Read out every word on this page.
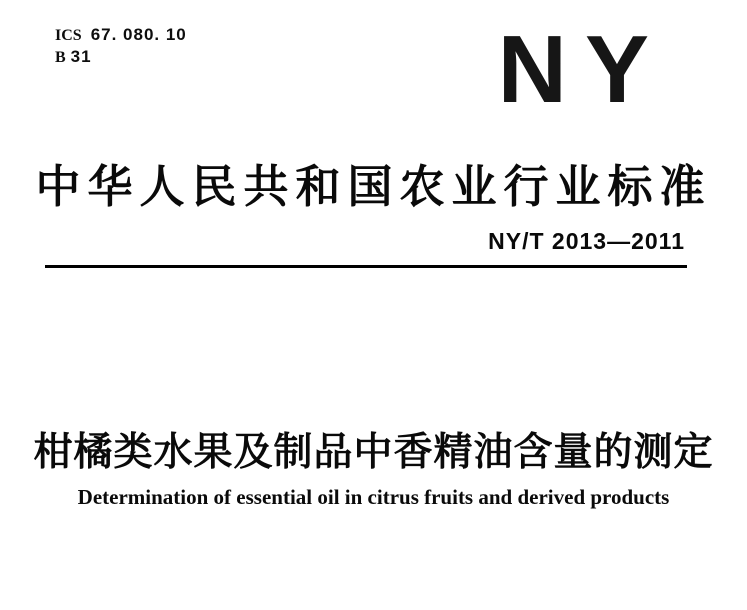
ICS 67. 080. 10
B 31	NY
中华人民共和国农业行业标准
NY/T 2013—2011
柑橘类水果及制品中香精油含量的测定
Determination of essential oil in citrus fruits and derived products
